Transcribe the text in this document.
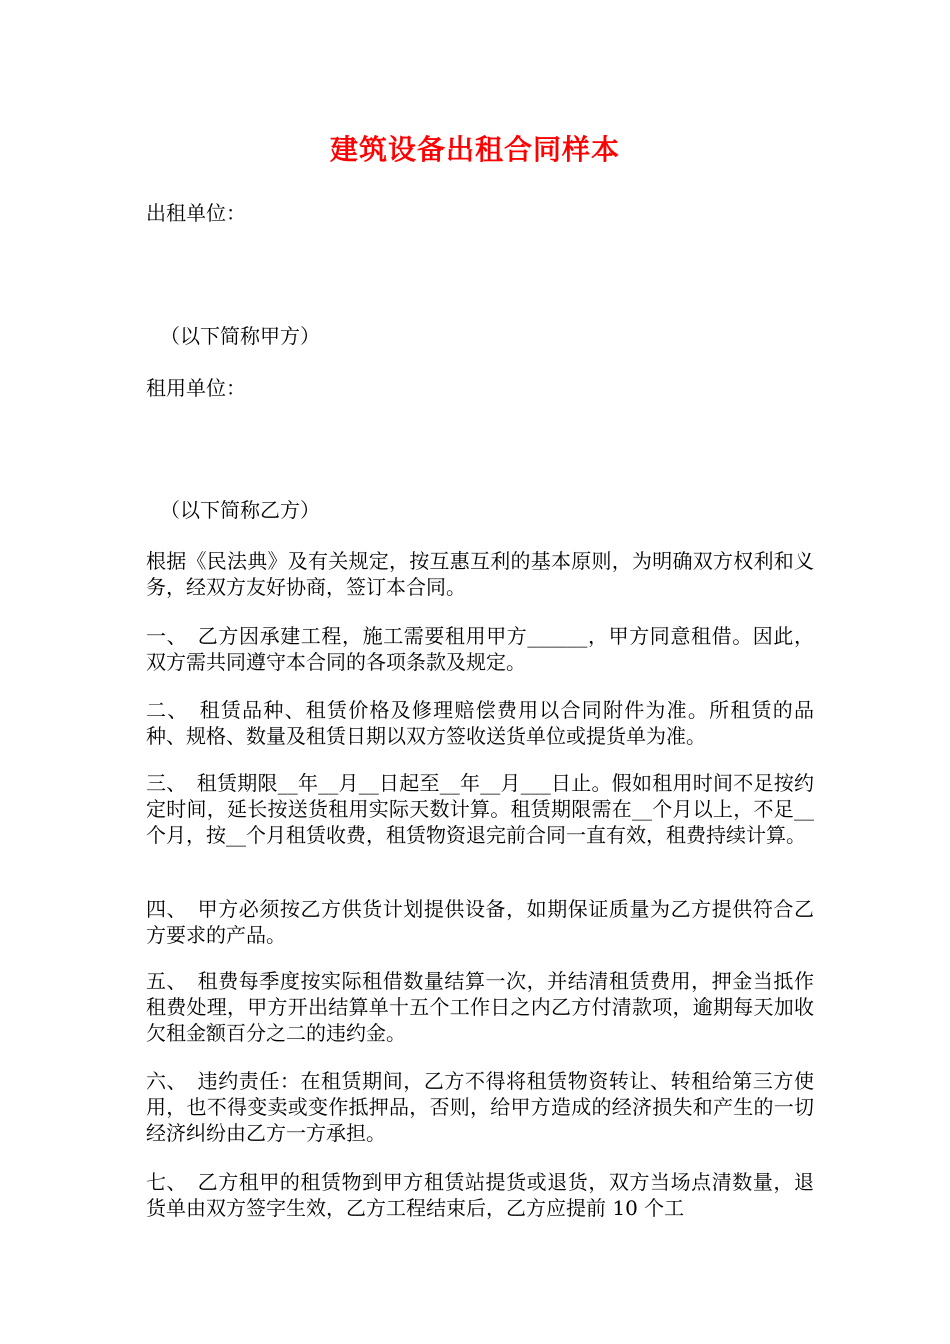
建筑设备出租合同样本
出租单位：
（以下简称甲方）
租用单位：
（以下简称乙方）
根据《民法典》及有关规定，按互惠互利的基本原则，为明确双方权利和义务，经双方友好协商，签订本合同。
一、　乙方因承建工程，施工需要租用甲方______，甲方同意租借。因此，双方需共同遵守本合同的各项条款及规定。
二、　租赁品种、租赁价格及修理赔偿费用以合同附件为准。所租赁的品种、规格、数量及租赁日期以双方签收送货单位或提货单为准。
三、　租赁期限__年__月__日起至__年__月___日止。假如租用时间不足按约定时间，延长按送货租用实际天数计算。租赁期限需在__个月以上，不足__个月，按__个月租赁收费，租赁物资退完前合同一直有效，租费持续计算。
四、　甲方必须按乙方供货计划提供设备，如期保证质量为乙方提供符合乙方要求的产品。
五、　租费每季度按实际租借数量结算一次，并结清租赁费用，押金当抵作租费处理，甲方开出结算单十五个工作日之内乙方付清款项，逾期每天加收欠租金额百分之二的违约金。
六、　违约责任：在租赁期间，乙方不得将租赁物资转让、转租给第三方使用，也不得变卖或变作抵押品，否则，给甲方造成的经济损失和产生的一切经济纠纷由乙方一方承担。
七、　乙方租甲的租赁物到甲方租赁站提货或退货，双方当场点清数量，退货单由双方签字生效，乙方工程结束后，乙方应提前 10 个工
